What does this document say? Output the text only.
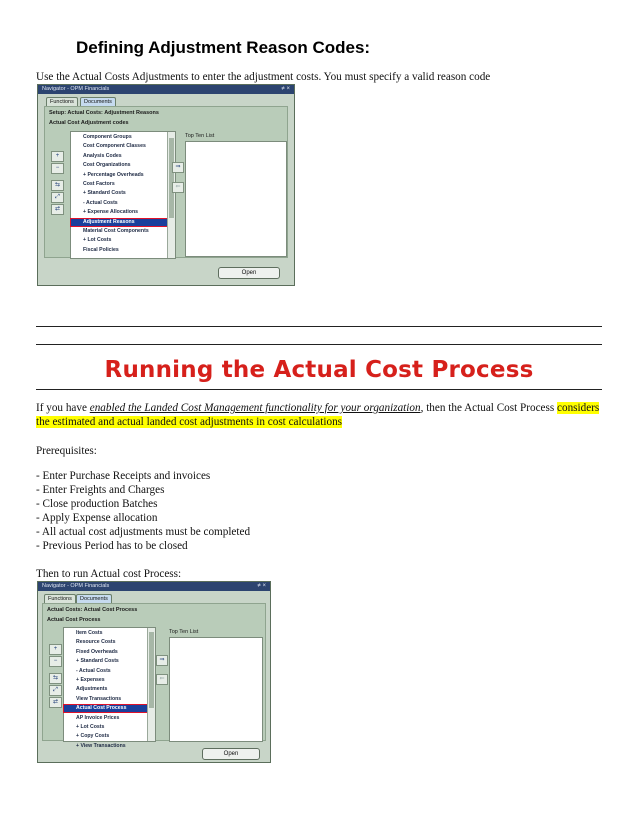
Defining Adjustment Reason Codes:
Use the Actual Costs Adjustments to enter the adjustment costs. You must specify a valid reason code
Navigator - OPM Financials	≠ ×
Functions	Documents
Setup: Actual Costs: Adjustment Reasons
Actual Cost Adjustment codes
Component Groups
Cost Component Classes
Analysis Codes
Cost Organizations
+ Percentage Overheads
Cost Factors
+ Standard Costs
- Actual Costs
+ Expense Allocations
Adjustment Reasons
Material Cost Components
+ Lot Costs
Fiscal Policies
Top Ten List
+
−
⇆
⤢
⇄
⇒
⇐
Open
Running the Actual Cost Process
If you have enabled the Landed Cost Management functionality for your organization, then the Actual Cost Process considers
the estimated and actual landed cost adjustments in cost calculations
Prerequisites:
- Enter Purchase Receipts and invoices
- Enter Freights and Charges
- Close production Batches
- Apply Expense allocation
- All actual cost adjustments must be completed
- Previous Period has to be closed
Then to run Actual cost Process:
Navigator - OPM Financials	≠ ×
Functions	Documents
Actual Costs: Actual Cost Process
Actual Cost Process
Item Costs
Resource Costs
Fixed Overheads
+ Standard Costs
- Actual Costs
+ Expenses
Adjustments
View Transactions
Actual Cost Process
AP Invoice Prices
+ Lot Costs
+ Copy Costs
+ View Transactions
Top Ten List
+
−
⇆
⤢
⇄
⇒
⇐
Open
